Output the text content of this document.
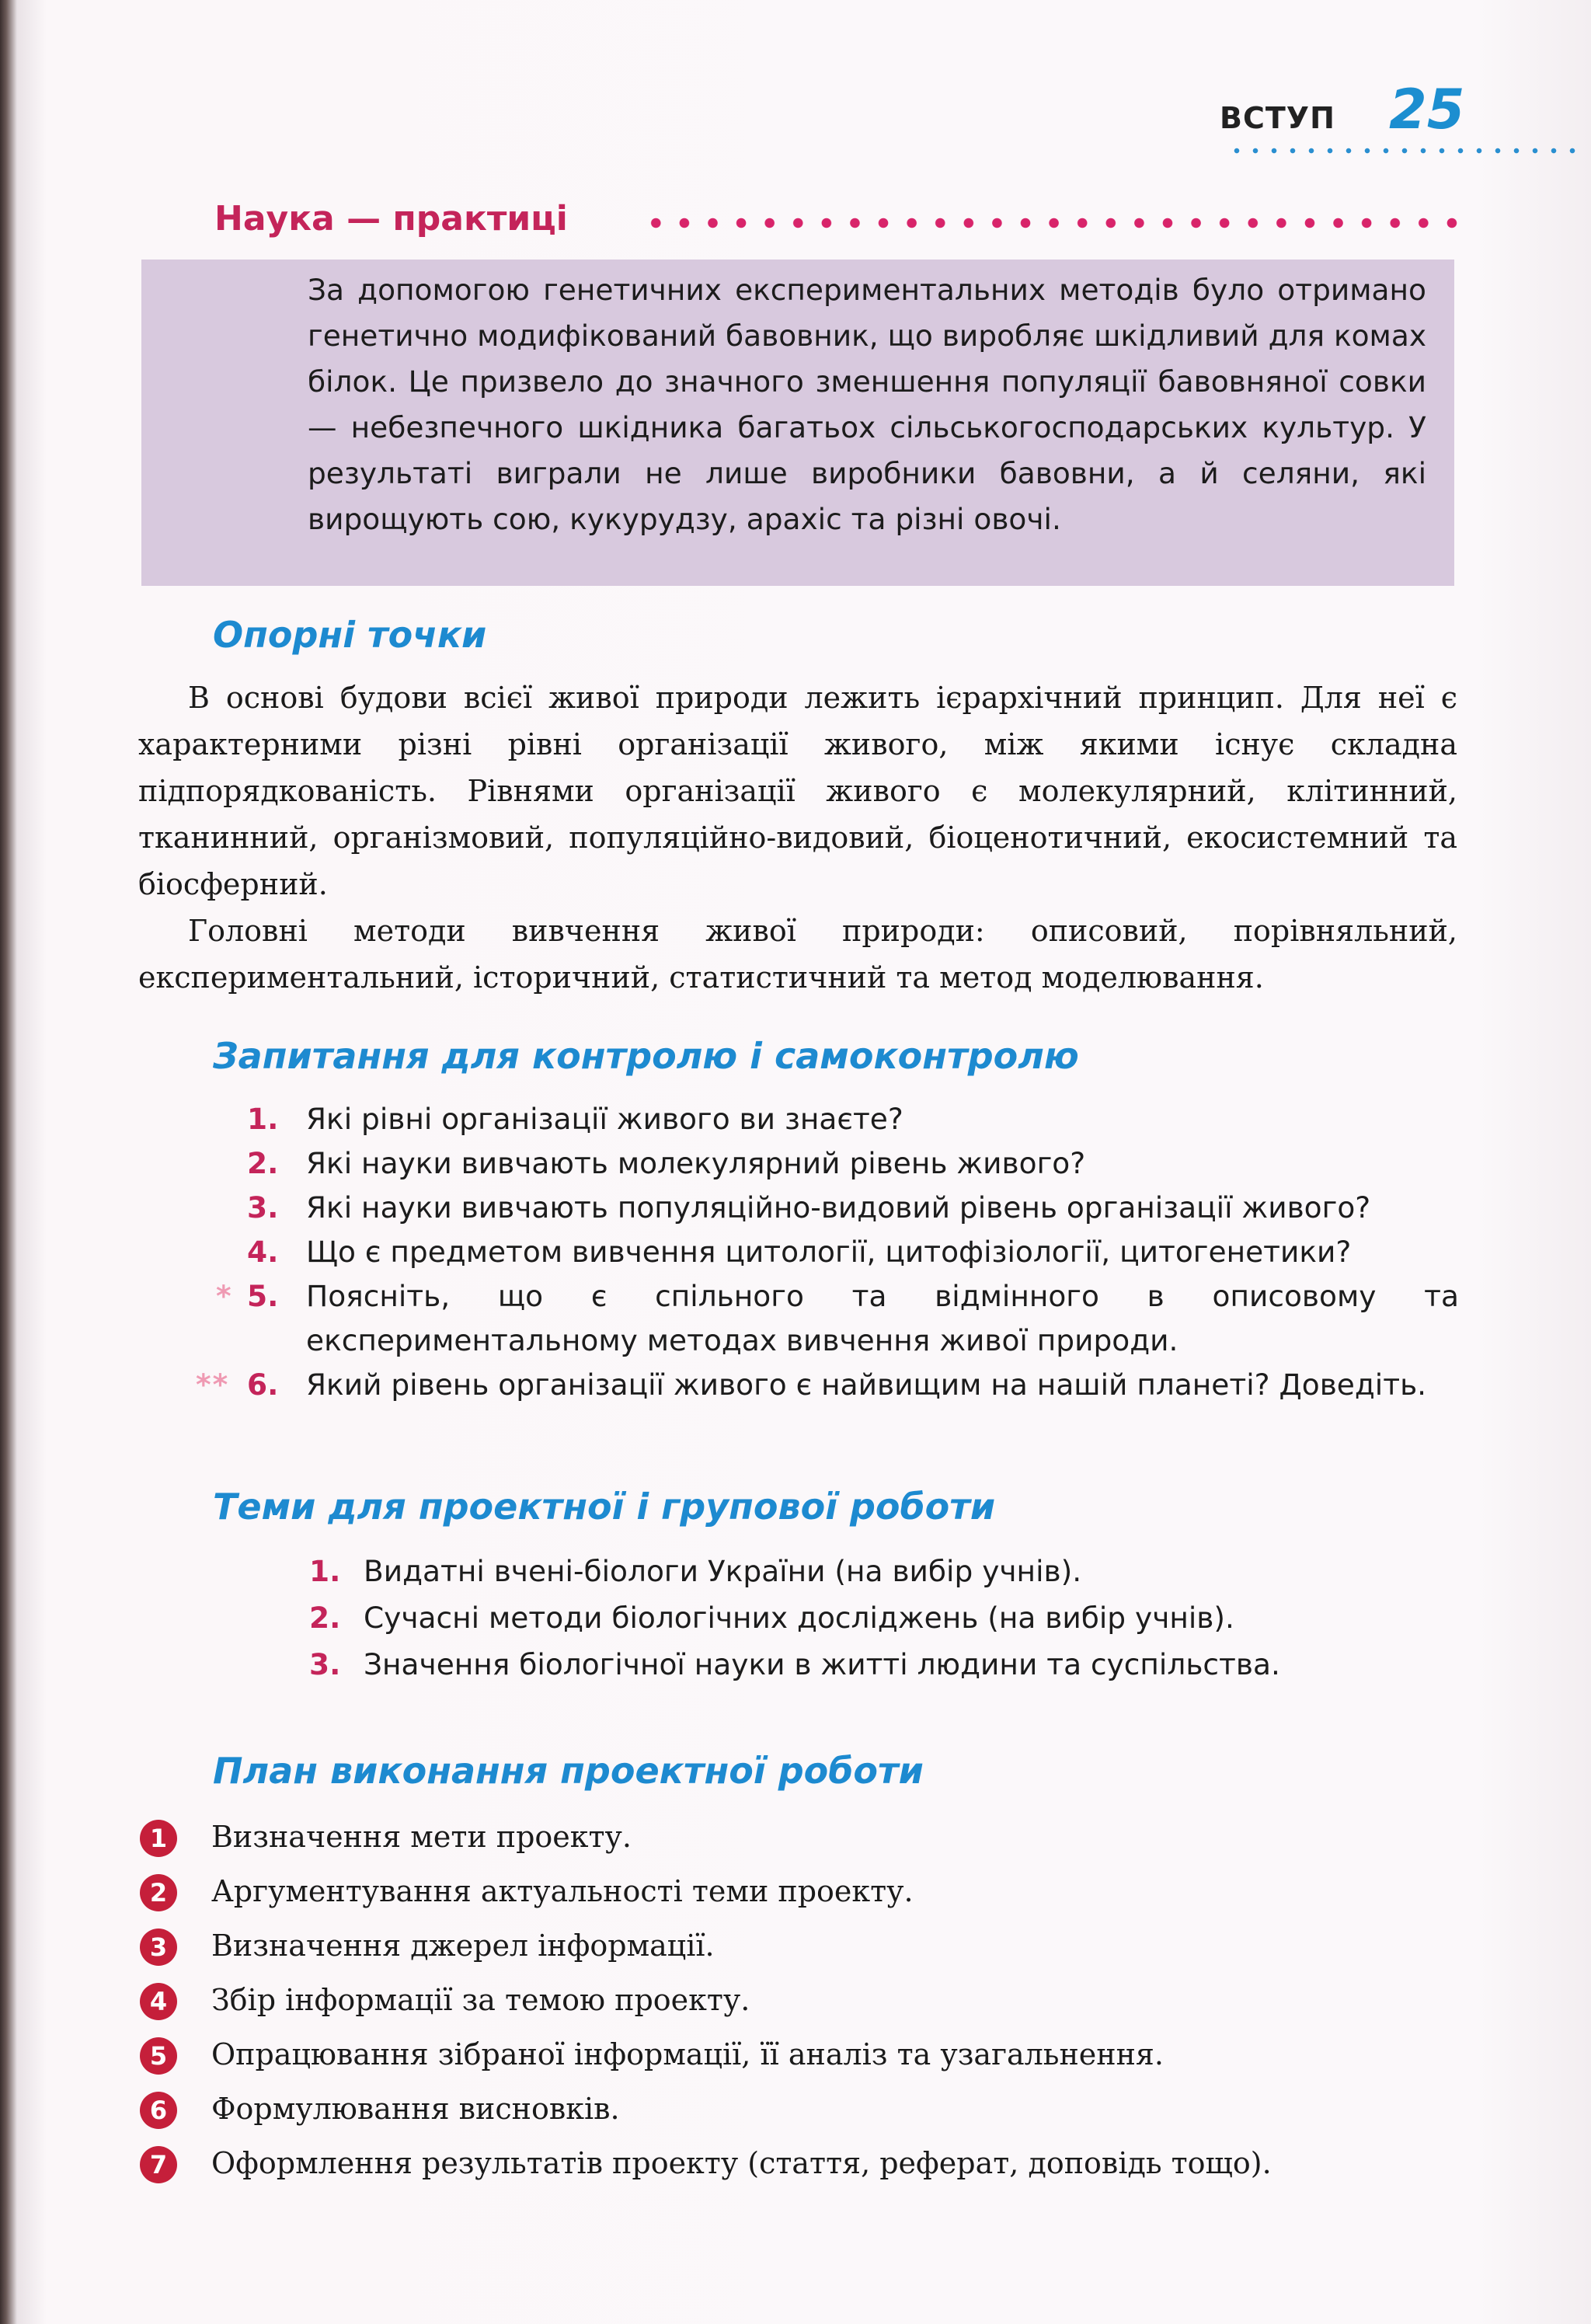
ВСТУП 25
Наука — практиці
За допомогою генетичних експериментальних методів було отримано генетично модифікований бавовник, що виробляє шкідливий для комах білок. Це призвело до значного зменшення популяції бавовняної совки — небезпечного шкідника багатьох сільськогосподарських культур. У результаті виграли не лише виробники бавовни, а й селяни, які вирощують сою, кукурудзу, арахіс та різні овочі.
Опорні точки

В основі будови всієї живої природи лежить ієрархічний принцип. Для неї є характерними різні рівні організації живого, між якими існує складна підпорядкованість. Рівнями організації живого є молекулярний, клітинний, тканинний, організмовий, популяційно-видовий, біоценотичний, екосистемний та біосферний.

Головні методи вивчення живої природи: описовий, порівняльний, експериментальний, історичний, статистичний та метод моделювання.

Запитання для контролю і самоконтролю
1. Які рівні організації живого ви знаєте?
2. Які науки вивчають молекулярний рівень живого?
3. Які науки вивчають популяційно-видовий рівень організації живого?
4. Що є предметом вивчення цитології, цитофізіології, цитогенетики?
* 5. Поясніть, що є спільного та відмінного в описовому та експериментальному методах вивчення живої природи.
** 6. Який рівень організації живого є найвищим на нашій планеті? Доведіть.
Теми для проектної і групової роботи
1. Видатні вчені-біологи України (на вибір учнів).
2. Сучасні методи біологічних досліджень (на вибір учнів).
3. Значення біологічної науки в житті людини та суспільства.
План виконання проектної роботи
1	Визначення мети проекту.
2	Аргументування актуальності теми проекту.
3	Визначення джерел інформації.
4	Збір інформації за темою проекту.
5	Опрацювання зібраної інформації, її аналіз та узагальнення.
6	Формулювання висновків.
7	Оформлення результатів проекту (стаття, реферат, доповідь тощо).
